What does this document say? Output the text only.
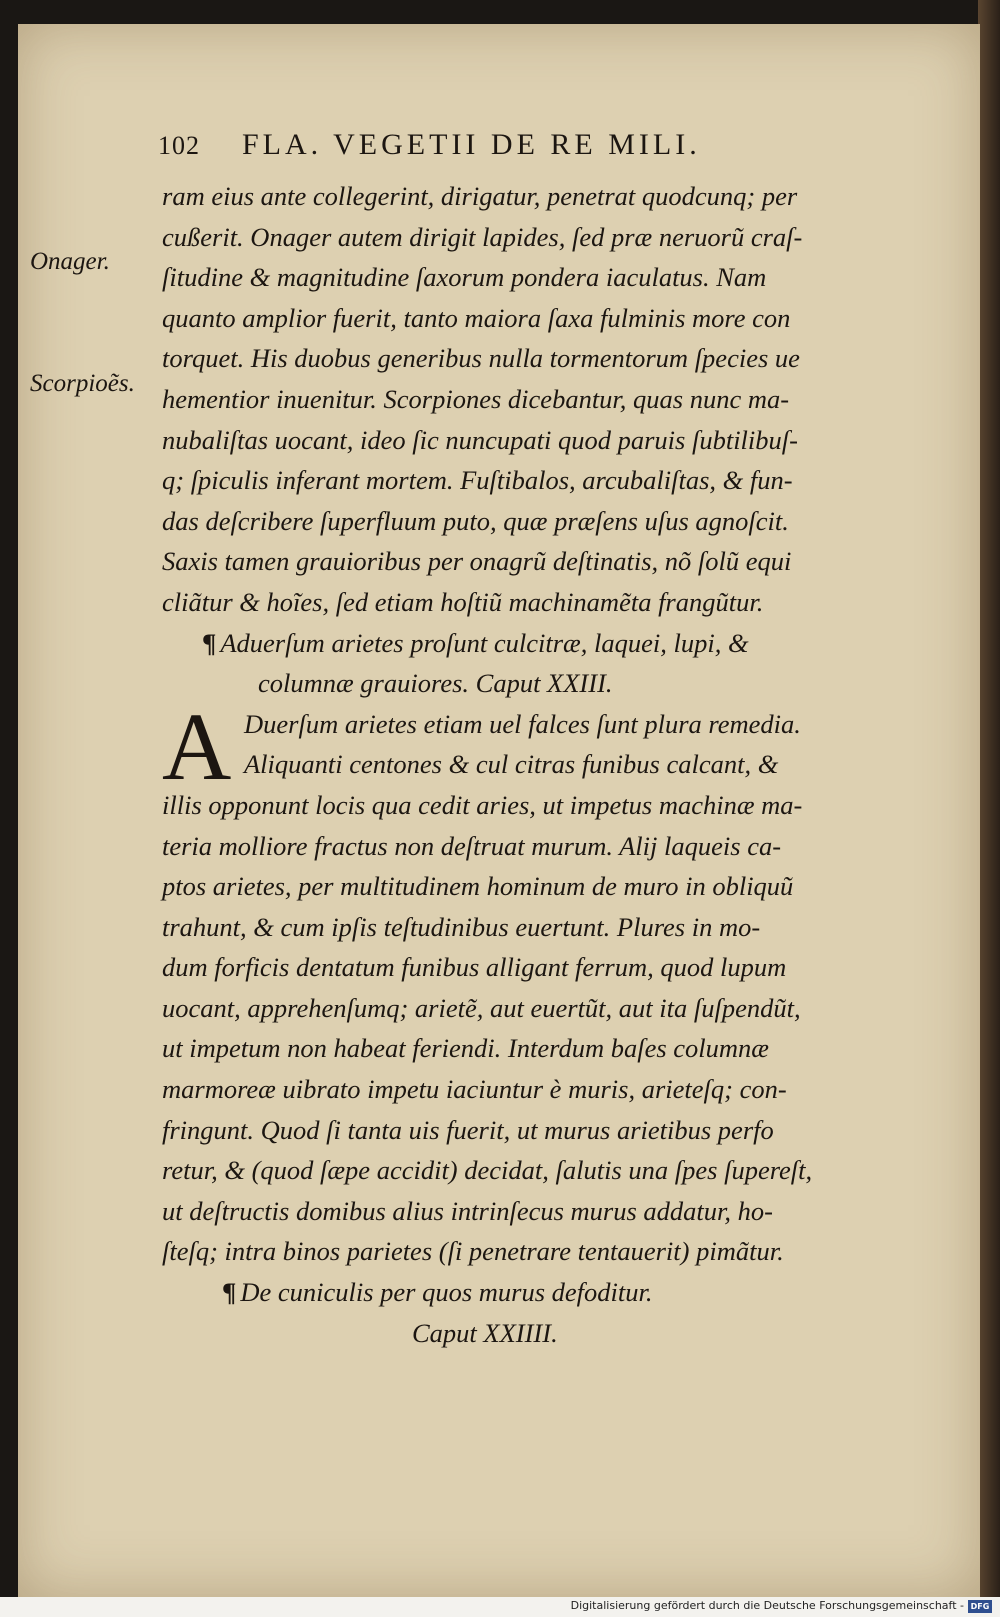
102 FLA. VEGETII DE RE MILI.
Onager.
Scorpioẽs.
ram eius ante collegerint, dirigatur, penetrat quodcunq; per
cußerit. Onager autem dirigit lapides, ſed præ neruorũ craſ-
ſitudine & magnitudine ſaxorum pondera iaculatus. Nam
quanto amplior fuerit, tanto maiora ſaxa fulminis more con
torquet. His duobus generibus nulla tormentorum ſpecies ue
hementior inuenitur. Scorpiones dicebantur, quas nunc ma-
nubaliſtas uocant, ideo ſic nuncupati quod paruis ſubtilibuſ-
q; ſpiculis inferant mortem. Fuſtibalos, arcubaliſtas, & fun-
das deſcribere ſuperfluum puto, quæ præſens uſus agnoſcit.
Saxis tamen grauioribus per onagrũ deſtinatis, nõ ſolũ equi
cliãtur & hoĩes, ſed etiam hoſtiũ machinamẽta frangũtur.
¶ Aduerſum arietes proſunt culcitræ, laquei, lupi, &
columnæ grauiores. Caput XXIII.
Duerſum arietes etiam uel falces ſunt plura remedia.
Aliquanti centones & cul citras funibus calcant, &
illis opponunt locis qua cedit aries, ut impetus machinæ ma-
teria molliore fractus non deſtruat murum. Alij laqueis ca-
ptos arietes, per multitudinem hominum de muro in obliquũ
trahunt, & cum ipſis teſtudinibus euertunt. Plures in mo-
dum forficis dentatum funibus alligant ferrum, quod lupum
uocant, apprehenſumq; arietẽ, aut euertũt, aut ita ſuſpendũt,
ut impetum non habeat feriendi. Interdum baſes columnæ
marmoreæ uibrato impetu iaciuntur è muris, arieteſq; con-
fringunt. Quod ſi tanta uis fuerit, ut murus arietibus perfo
retur, & (quod ſæpe accidit) decidat, ſalutis una ſpes ſupereſt,
ut deſtructis domibus alius intrinſecus murus addatur, ho-
ſteſq; intra binos parietes (ſi penetrare tentauerit) pimãtur.
¶ De cuniculis per quos murus defoditur.
Caput XXIIII.
A
Digitalisierung gefördert durch die Deutsche Forschungsgemeinschaft - DFG
